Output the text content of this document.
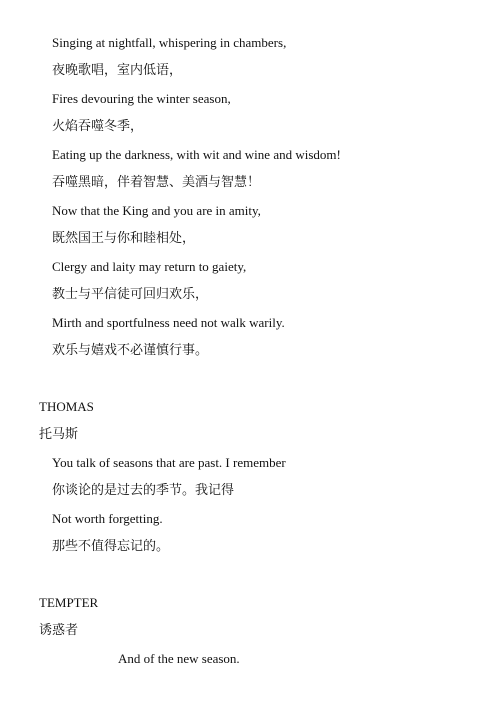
Singing at nightfall, whispering in chambers,
夜晚歌唱，室内低语，
Fires devouring the winter season,
火焰吞噬冬季，
Eating up the darkness, with wit and wine and wisdom!
吞噬黑暗，伴着智慧、美酒与智慧！
Now that the King and you are in amity,
既然国王与你和睦相处，
Clergy and laity may return to gaiety,
教士与平信徒可回归欢乐，
Mirth and sportfulness need not walk warily.
欢乐与嬉戏不必谨慎行事。
THOMAS
托马斯
You talk of seasons that are past. I remember
你谈论的是过去的季节。我记得
Not worth forgetting.
那些不值得忘记的。
TEMPTER
诱惑者
And of the new season.
